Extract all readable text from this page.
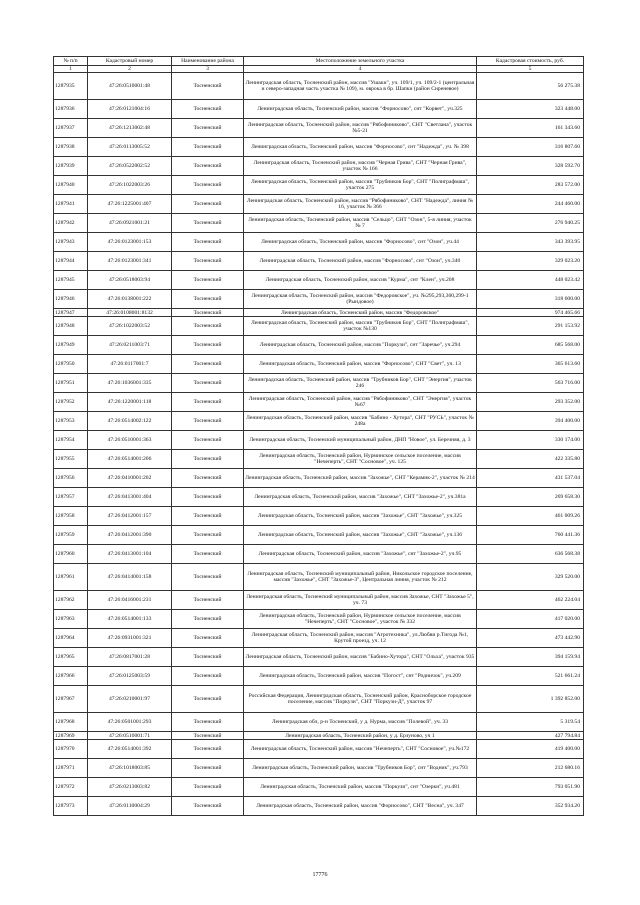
№ п/п	Кадастровый номер	Наименование района	Местоположение земельного участка	Кадастровая стоимость, руб.
1	2	3	4	5
1287935	47:26:0510001:48	Тосненский	Ленинградская область, Тосненский район, массив "Ушаки", уч. 109/1, уч. 109/2-1 (центральная и северо-западная часть участка № 109), м. оврока в бр. Шапки (район Сиреневое)	56 275.38
1287936	47:26:0121004:16	Тосненский	Ленинградская область, Тосненский район, массив "Форносово", снт "Корвет", уч.325	323 448.00
1287937	47:26:1213002:48	Тосненский	Ленинградская область, Тосненский район, массив "Рябофиниково", СНТ "Светлана", участок №5-21	161 343.60
1287938	47:26:0113005:52	Тосненский	Ленинградская область, Тосненский район, массив "Форносово", снт "Надежда", уч. № 398	316 807.60
1287939	47:26:0522002:52	Тосненский	Ленинградская область, Тосненский район, массив "Черная Грива", СНТ "Черная Грива", участок № 166	328 592.70
1287940	47:26:1022003:26	Тосненский	Ленинградская область, Тосненский район, массив "Трубников Бор", СНТ "Полиграфмаш", участок 275	283 572.00
1287941	47:26:1225001:407	Тосненский	Ленинградская область, Тосненский район, массив "Рябофиниково", СНТ "Надежда", линия № 16, участок № 366	244 460.00
1287942	47:26:0921001:21	Тосненский	Ленинградская область, Тосненский район, массив "Сельцо", СНТ "Озон", 5-я линия, участок № 7	276 940.25
1287943	47:26:0123001:153	Тосненский	Ленинградская область, Тосненский район, массив "Форносово", снт "Озон", уч.44	343 393.95
1287944	47:26:0123001:341	Тосненский	Ленинградская область, Тосненский район, массив "Форносово", снт "Озон", уч.340	329 023.20
1287945	47:26:0518003:94	Тосненский	Ленинградская область, Тосненский район, массив "Курма", снт "Клен", уч.208	448 023.42
1287946	47:26:0138001:222	Тосненский	Ленинградская область, Тосненский район, массив "Федоровское", уч. №295,293,300,299-1 (Рындовое)	318 600.00
1287947	47:26:0108001:8132	Тосненский	Ленинградская область, Тосненский район, массив "Федоровское"	974 465.66
1287948	47:26:1022003:52	Тосненский	Ленинградская область, Тосненский район, массив "Трубников Бор", СНТ "Полиграфмаш", участок №130	291 153.92
1287949	47:26:0211003:71	Тосненский	Ленинградская область, Тосненский район, массив "Поркузи", снт "Заречье", уч.294	685 568.00
1287950	47:26:0117001:7	Тосненский	Ленинградская область, Тосненский район, массив "Форносово", СНТ "Свет", уч. 13	365 613.60
1287951	47:26:1036001:335	Тосненский	Ленинградская область, Тосненский район, массив "Трубников Бор", СНТ "Энергия", участок 246	563 716.00
1287952	47:26:1220001:118	Тосненский	Ленинградская область, Тосненский район, массив "Рябофиниково", СНТ "Энергия", участок №67	293 352.00
1287953	47:26:0514002:122	Тосненский	Ленинградская область, Тосненский район, массив "Бабино - Хутора", СНТ "РУСЬ", участок № 248а	394 400.00
1287954	47:26:0510001:363	Тосненский	Ленинградская область, Тосненский муниципальный район, ДНП "Новое", ул. Березняя, д. 3	330 174.00
1287955	47:26:0514001:206	Тосненский	Ленинградская область, Тосненский район, Нурминское сельское поселение, массив "Нечеперть", СНТ "Сосновое", уч. 125	422 335.80
1287956	47:26:0410001:202	Тосненский	Ленинградская область, Тосненский район, массив "Захожье", СНТ "Керамик-2", участок № 214	431 537.04
1287957	47:26:0413001:404	Тосненский	Ленинградская область, Тосненский район, массив "Захожье", СНТ "Захожье-2", уч.381а	269 658.30
1287958	47:26:0412001:157	Тосненский	Ленинградская область, Тосненский район, массив "Захожье", СНТ "Захожье", уч.325	461 009.26
1287959	47:26:0412001:390	Тосненский	Ленинградская область, Тосненский район, массив "Захожье", СНТ "Захожье", уч.136	760 441.36
1287960	47:26:0413001:104	Тосненский	Ленинградская область, Тосненский район, массив "Захожье", снт "Захожье-2", уч.95	636 568.38
1287961	47:26:0414001:158	Тосненский	Ленинградская область, Тосненский муниципальный район, Никольское городское поселение, массив "Захожье", СНТ "Захожье-3", Центральная линия, участок № 212	329 520.00
1287962	47:26:0416001:231	Тосненский	Ленинградская область, Тосненский муниципальный район, массив Захожье, СНТ "Захожье 5", уч. 73	462 224.04
1287963	47:26:0514001:133	Тосненский	Ленинградская область, Тосненский район, Нурминское сельское поселение, массив "Нечеперть", СНТ "Сосновое", участок № 332	417 020.00
1287964	47:26:0931001:321	Тосненский	Ленинградская область, Тосненский район, массив "Агротехника", ул.Любви р.Тигода №1, Крутой проезд, уч. 12	473 442.90
1287965	47:26:0817001:28	Тосненский	Ленинградская область, Тосненский район, массив "Бабино-Хутора", СНТ "Ольха", участок 935	394 159.94
1287966	47:26:0125003:59	Тосненский	Ленинградская область, Тосненский район, массив "Погост", снт "Родничок", уч.209	521 661.24
1287967	47:26:0210001:97	Тосненский	Российская Федерация, Ленинградская область, Тосненский район, Красноборское городское поселение, массив "Поркузи", СНТ "Поркузи-Д", участок 97	1 392 852.00
1287968	47:26:0501001:293	Тосненский	Ленинградская обл, р-н Тосненский, у д. Нурма, массив "Полевой", уч. 33	5 319.54
1287969	47:26:0510001:71	Тосненский	Ленинградская область, Тосненский район, у д. Ерзуново, уч 1	427 794.84
1287970	47:26:0514001:392	Тосненский	Ленинградская область, Тосненский район, массив "Нечеперть", СНТ "Сосновое", уч.№172	419 400.00
1287971	47:26:1018003:85	Тосненский	Ленинградская область, Тосненский район, массив "Трубников Бор", снт "Водник", уч.793	212 680.16
1287972	47:26:0213003:82	Тосненский	Ленинградская область, Тосненский район, массив "Поркузи", снт "Озерки", уч.481	793 051.90
1287973	47:26:0110004:29	Тосненский	Ленинградская область, Тосненский район, массив "Форносово", СНТ "Весна", уч. 347	352 934.20
17776
